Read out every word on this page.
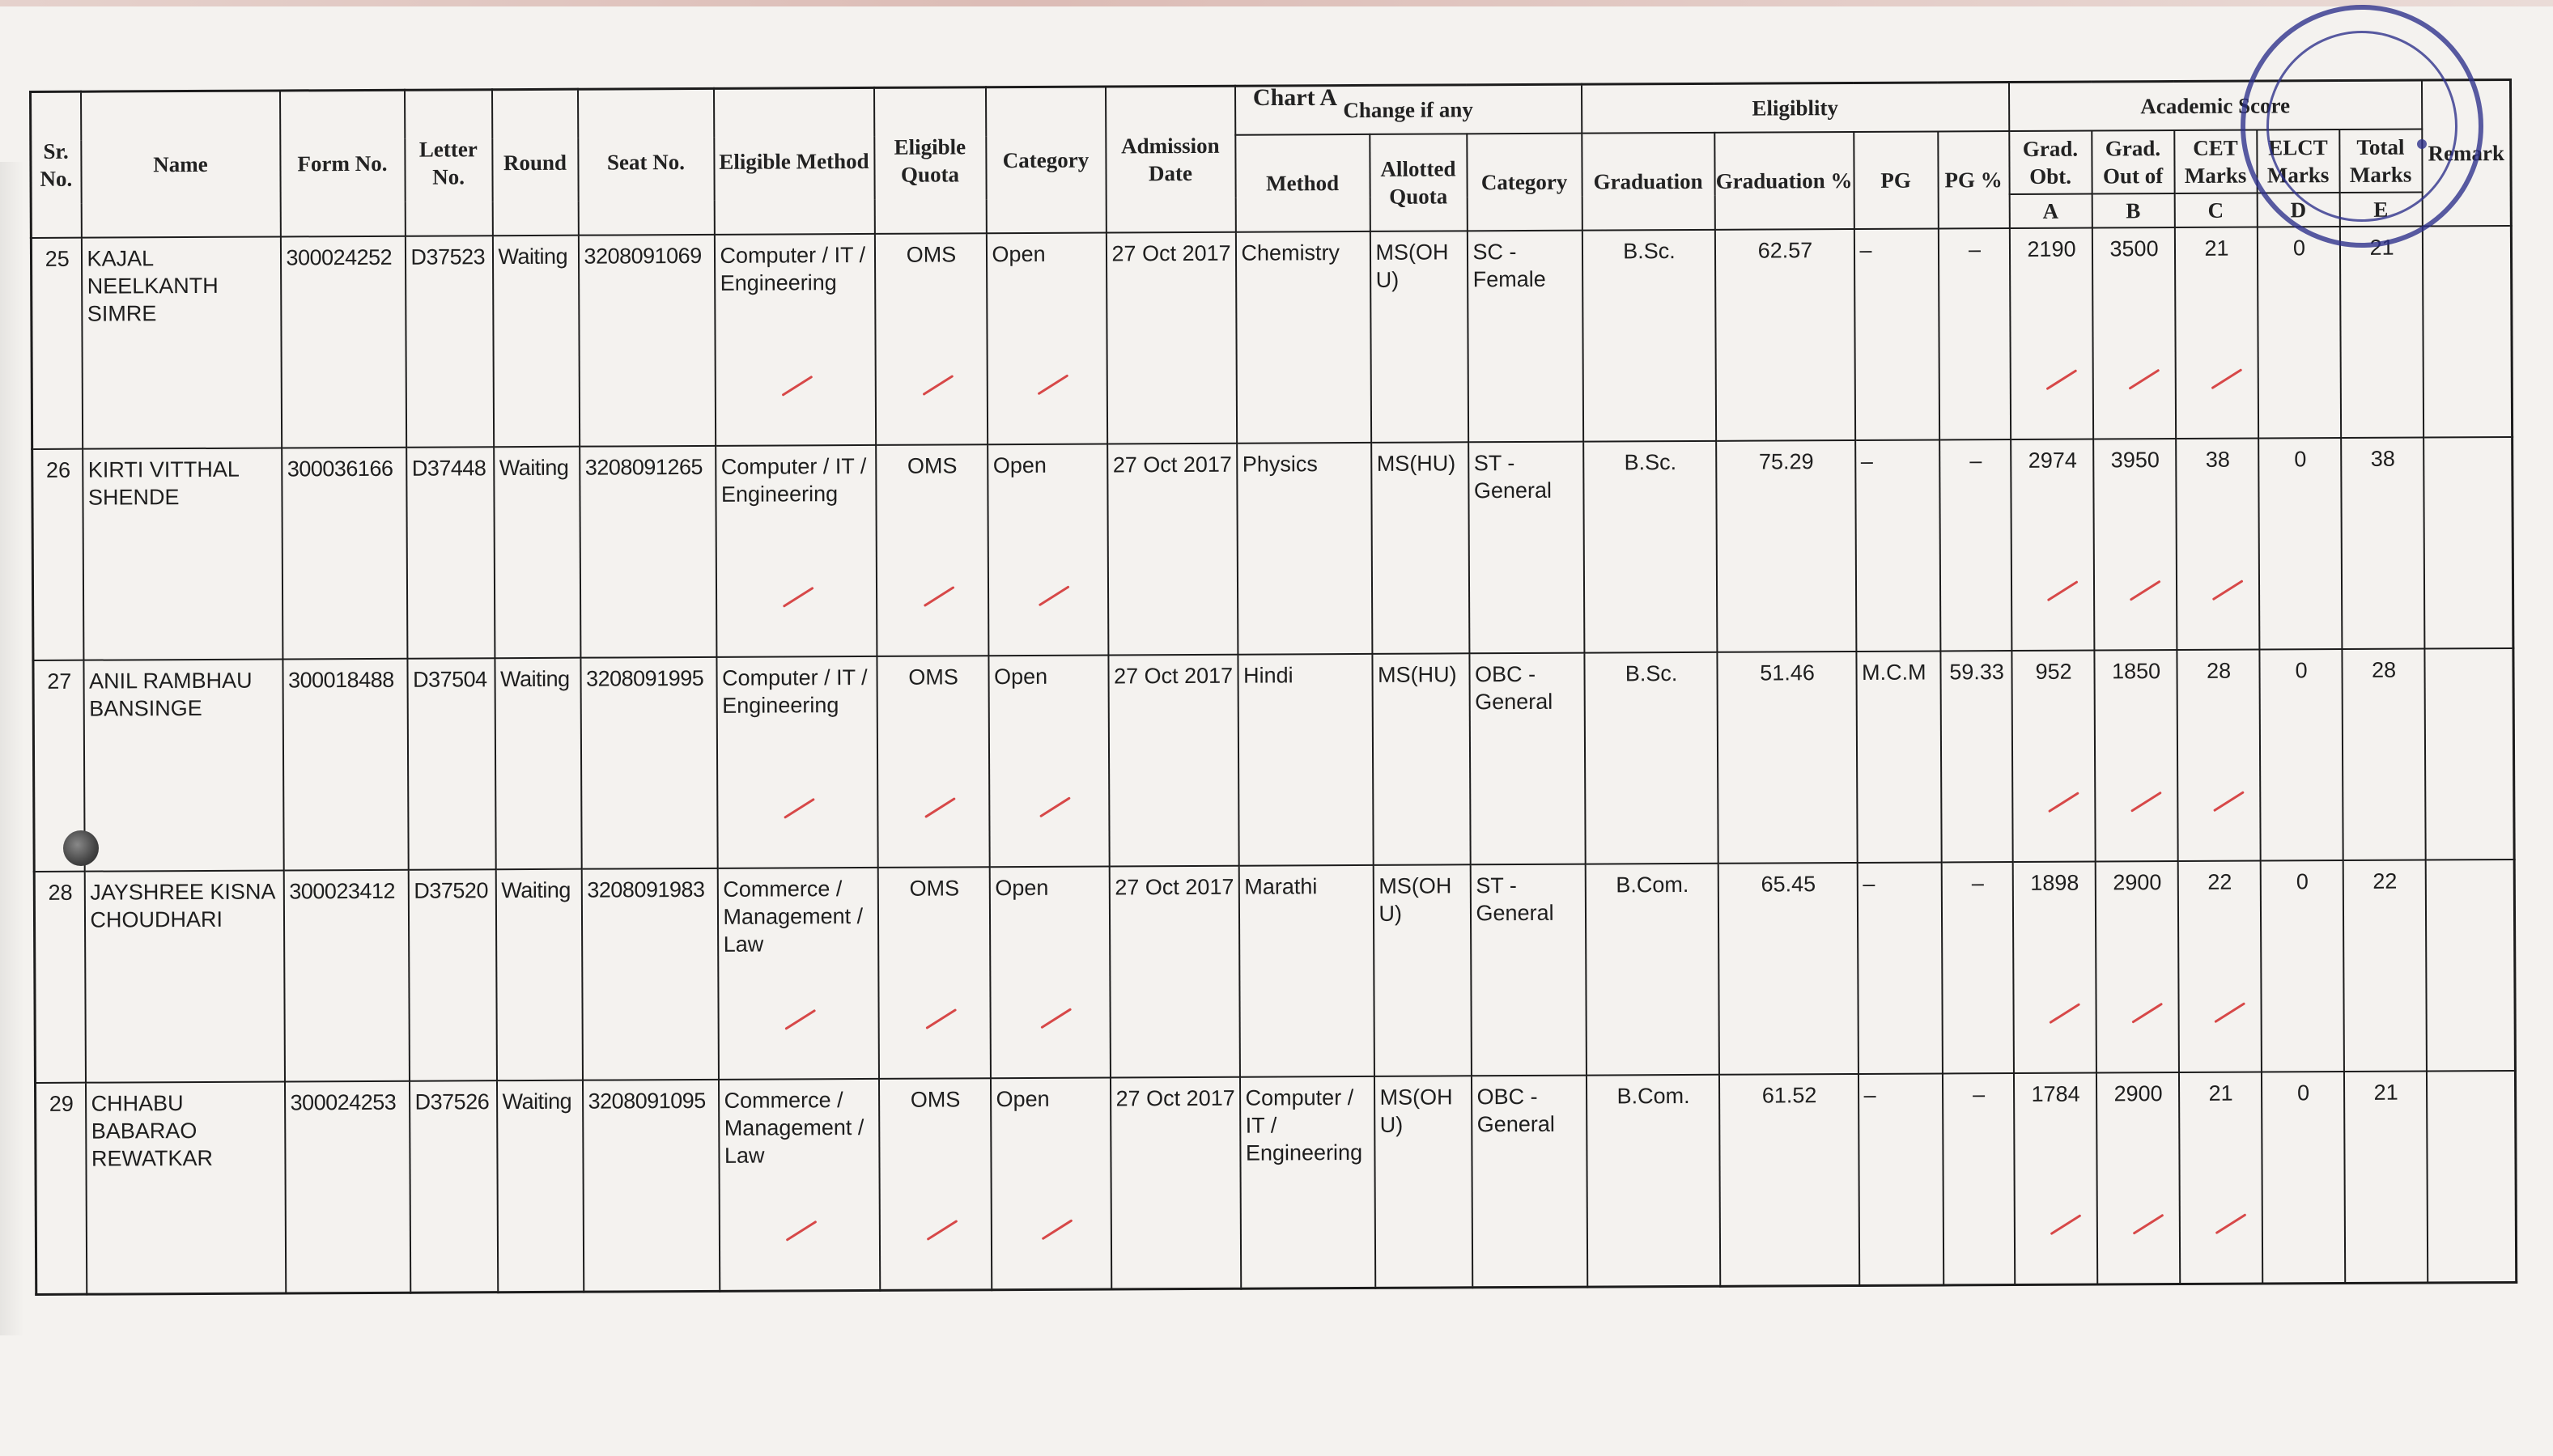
Chart A
Sr. No.	Name	Form No.	Letter No.	Round	Seat No.	Eligible Method	Eligible Quota	Category	Admission Date	Change if any			Eligiblity				Academic Score					Remark
										Method	Allotted Quota	Category	Graduation	Graduation %	PG	PG %	Grad. Obt.	Grad. Out of	CET Marks	ELCT Marks	Total Marks	
																	A	B	C	D	E	
25	KAJAL NEELKANTH SIMRE	300024252	D37523	Waiting	3208091069	Computer / IT / Engineering	OMS	Open	27 Oct 2017	Chemistry	MS(OHU)	SC - Female	B.Sc.	62.57	–	–	2190	3500	21	0	21	
26	KIRTI VITTHAL SHENDE	300036166	D37448	Waiting	3208091265	Computer / IT / Engineering	OMS	Open	27 Oct 2017	Physics	MS(HU)	ST - General	B.Sc.	75.29	–	–	2974	3950	38	0	38	
27	ANIL RAMBHAU BANSINGE	300018488	D37504	Waiting	3208091995	Computer / IT / Engineering	OMS	Open	27 Oct 2017	Hindi	MS(HU)	OBC - General	B.Sc.	51.46	M.C.M	59.33	952	1850	28	0	28	
28	JAYSHREE KISNA CHOUDHARI	300023412	D37520	Waiting	3208091983	Commerce / Management / Law	OMS	Open	27 Oct 2017	Marathi	MS(OHU)	ST - General	B.Com.	65.45	–	–	1898	2900	22	0	22	
29	CHHABU BABARAO REWATKAR	300024253	D37526	Waiting	3208091095	Commerce / Management / Law	OMS	Open	27 Oct 2017	Computer / IT / Engineering	MS(OHU)	OBC - General	B.Com.	61.52	–	–	1784	2900	21	0	21	
